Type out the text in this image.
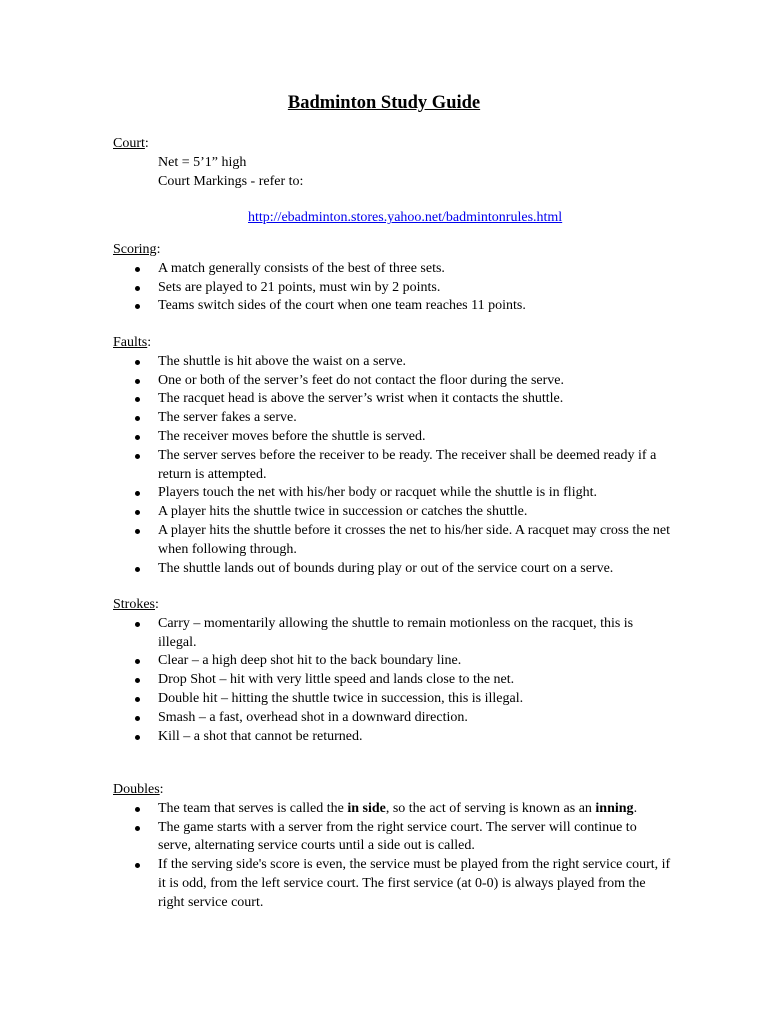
Badminton Study Guide
Court:
Net = 5’1” high
Court Markings - refer to:
http://ebadminton.stores.yahoo.net/badmintonrules.html
Scoring:
A match generally consists of the best of three sets.
Sets are played to 21 points, must win by 2 points.
Teams switch sides of the court when one team reaches 11 points.
Faults:
The shuttle is hit above the waist on a serve.
One or both of the server’s feet do not contact the floor during the serve.
The racquet head is above the server’s wrist when it contacts the shuttle.
The server fakes a serve.
The receiver moves before the shuttle is served.
The server serves before the receiver to be ready. The receiver shall be deemed ready if a return is attempted.
Players touch the net with his/her body or racquet while the shuttle is in flight.
A player hits the shuttle twice in succession or catches the shuttle.
A player hits the shuttle before it crosses the net to his/her side. A racquet may cross the net when following through.
The shuttle lands out of bounds during play or out of the service court on a serve.
Strokes:
Carry – momentarily allowing the shuttle to remain motionless on the racquet, this is illegal.
Clear – a high deep shot hit to the back boundary line.
Drop Shot – hit with very little speed and lands close to the net.
Double hit – hitting the shuttle twice in succession, this is illegal.
Smash – a fast, overhead shot in a downward direction.
Kill – a shot that cannot be returned.
Doubles:
The team that serves is called the in side, so the act of serving is known as an inning.
The game starts with a server from the right service court. The server will continue to serve, alternating service courts until a side out is called.
If the serving side's score is even, the service must be played from the right service court, if it is odd, from the left service court. The first service (at 0-0) is always played from the right service court.
